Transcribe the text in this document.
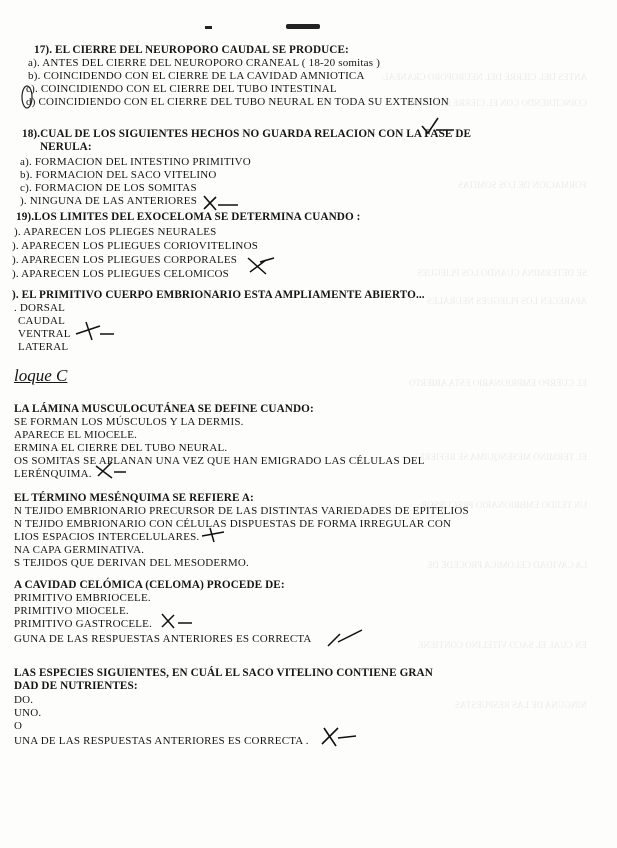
ANTES DEL CIERRE DEL NEUROPORO CRANEAL
COINCIDIENDO CON EL CIERRE DEL TUBO
FORMACION DE LOS SOMITAS
SE DETERMINA CUANDO LOS PLIEGUES
APARECEN LOS PLIEGUES NEURALES
EL CUERPO EMBRIONARIO ESTA ABIERTO
EL TERMINO MESENQUIMA SE REFIERE
UN TEJIDO EMBRIONARIO PRECURSOR
LA CAVIDAD CELOMICA PROCEDE DE
EN CUAL EL SACO VITELINO CONTIENE
NINGUNA DE LAS RESPUESTAS
17). EL CIERRE DEL NEUROPORO CAUDAL SE PRODUCE:
a). ANTES DEL CIERRE DEL NEUROPORO CRANEAL ( 18-20 somitas )
b). COINCIDENDO CON EL CIERRE DE LA CAVIDAD AMNIOTICA
c). COINCIDIENDO CON EL CIERRE DEL TUBO INTESTINAL
d) COINCIDIENDO CON EL CIERRE DEL TUBO NEURAL EN TODA SU EXTENSION
18).CUAL DE LOS SIGUIENTES HECHOS NO GUARDA RELACION CON LA FASE DE
NERULA:
a). FORMACION DEL INTESTINO PRIMITIVO
b). FORMACION DEL SACO VITELINO
c). FORMACION DE LOS SOMITAS
). NINGUNA DE LAS ANTERIORES
19).LOS LIMITES DEL EXOCELOMA SE DETERMINA CUANDO :
). APARECEN LOS PLIEGES NEURALES
). APARECEN LOS PLIEGUES CORIOVITELINOS
). APARECEN LOS PLIEGUES CORPORALES
). APARECEN LOS PLIEGUES CELOMICOS
). EL PRIMITIVO CUERPO EMBRIONARIO ESTA AMPLIAMENTE ABIERTO...
. DORSAL
CAUDAL
VENTRAL
LATERAL
loque C
LA LÁMINA MUSCULOCUTÁNEA SE DEFINE CUANDO:
SE FORMAN LOS MÚSCULOS Y LA DERMIS.
APARECE EL MIOCELE.
ERMINA EL CIERRE DEL TUBO NEURAL.
OS SOMITAS SE APLANAN UNA VEZ QUE HAN EMIGRADO LAS CÉLULAS DEL
LERÉNQUIMA.
EL TÉRMINO MESÉNQUIMA SE REFIERE A:
N TEJIDO EMBRIONARIO PRECURSOR DE LAS DISTINTAS VARIEDADES DE EPITELIOS
N TEJIDO EMBRIONARIO CON CÉLULAS DISPUESTAS DE FORMA IRREGULAR CON
LIOS ESPACIOS INTERCELULARES.
NA CAPA GERMINATIVA.
S TEJIDOS QUE DERIVAN DEL MESODERMO.
A CAVIDAD CELÓMICA (CELOMA) PROCEDE DE:
PRIMITIVO EMBRIOCELE.
PRIMITIVO MIOCELE.
PRIMITIVO GASTROCELE.
GUNA DE LAS RESPUESTAS ANTERIORES ES CORRECTA
LAS ESPECIES SIGUIENTES, EN CUÁL EL SACO VITELINO CONTIENE GRAN
DAD DE NUTRIENTES:
DO.
UNO.
O
UNA DE LAS RESPUESTAS ANTERIORES ES CORRECTA .
